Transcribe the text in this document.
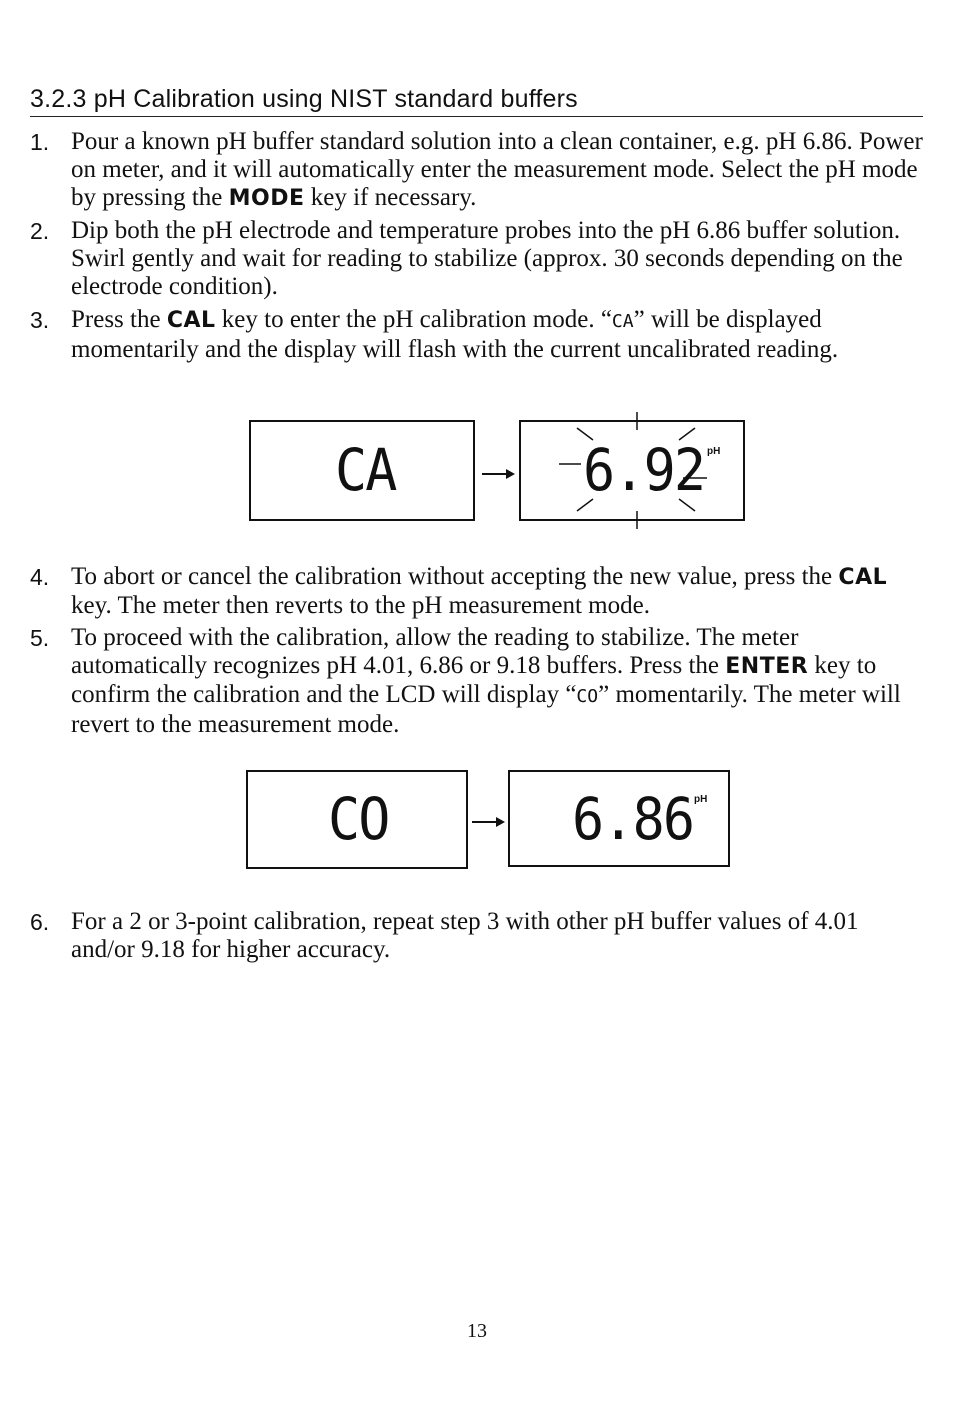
3.2.3 pH Calibration using NIST standard buffers
1. Pour a known pH buffer standard solution into a clean container, e.g. pH 6.86. Power on meter, and it will automatically enter the measurement mode. Select the pH mode by pressing the MODE key if necessary.
2. Dip both the pH electrode and temperature probes into the pH 6.86 buffer solution. Swirl gently and wait for reading to stabilize (approx. 30 seconds depending on the electrode condition).
3. Press the CAL key to enter the pH calibration mode. “CA” will be displayed momentarily and the display will flash with the current uncalibrated reading.
CA	6.92 pH
4. To abort or cancel the calibration without accepting the new value, press the CAL key. The meter then reverts to the pH measurement mode.
5. To proceed with the calibration, allow the reading to stabilize. The meter automatically recognizes pH 4.01, 6.86 or 9.18 buffers. Press the ENTER key to confirm the calibration and the LCD will display “CO” momentarily. The meter will revert to the measurement mode.
CO	6.86 pH
6. For a 2 or 3-point calibration, repeat step 3 with other pH buffer values of 4.01 and/or 9.18 for higher accuracy.
13
